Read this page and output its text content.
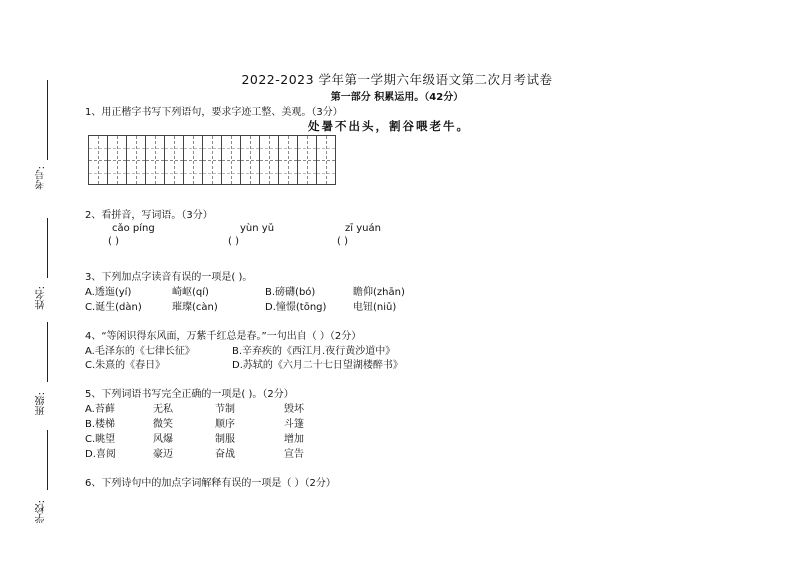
考号:
姓名:
班级:
学校:
2022-2023 学年第一学期六年级语文第二次月考试卷
第一部分 积累运用。（42分）
1、用正楷字书写下列语句，要求字迹工整、美观。（3分）
处暑不出头，割谷喂老牛。
2、看拼音，写词语。（3分）
cǎo píng	yùn yǔ	zī yuán
( )	( )	( )
3、下列加点字读音有误的一项是( )。
A.透迤(yí)	崎岖(qí)	B.磅礴(bó)	瞻仰(zhān)
C.诞生(dàn)	璀璨(càn)	D.憧憬(tōng)	电钮(niǔ)
4、“等闲识得东风面，万紫千红总是春。”一句出自（ ）（2分）
A.毛泽东的《七律长征》	B.辛弃疾的《西江月.夜行黄沙道中》
C.朱熹的《春日》	D.苏轼的《六月二十七日望湖楼醉书》
5、下列词语书写完全正确的一项是( )。（2分）
A.苔藓	无私	节制	毁坏
B.楼梯	微笑	顺序	斗篷
C.眺望	风爆	制服	增加
D.喜阅	豪迈	奋战	宣告
6、下列诗句中的加点字词解释有误的一项是（ ）（2分）
